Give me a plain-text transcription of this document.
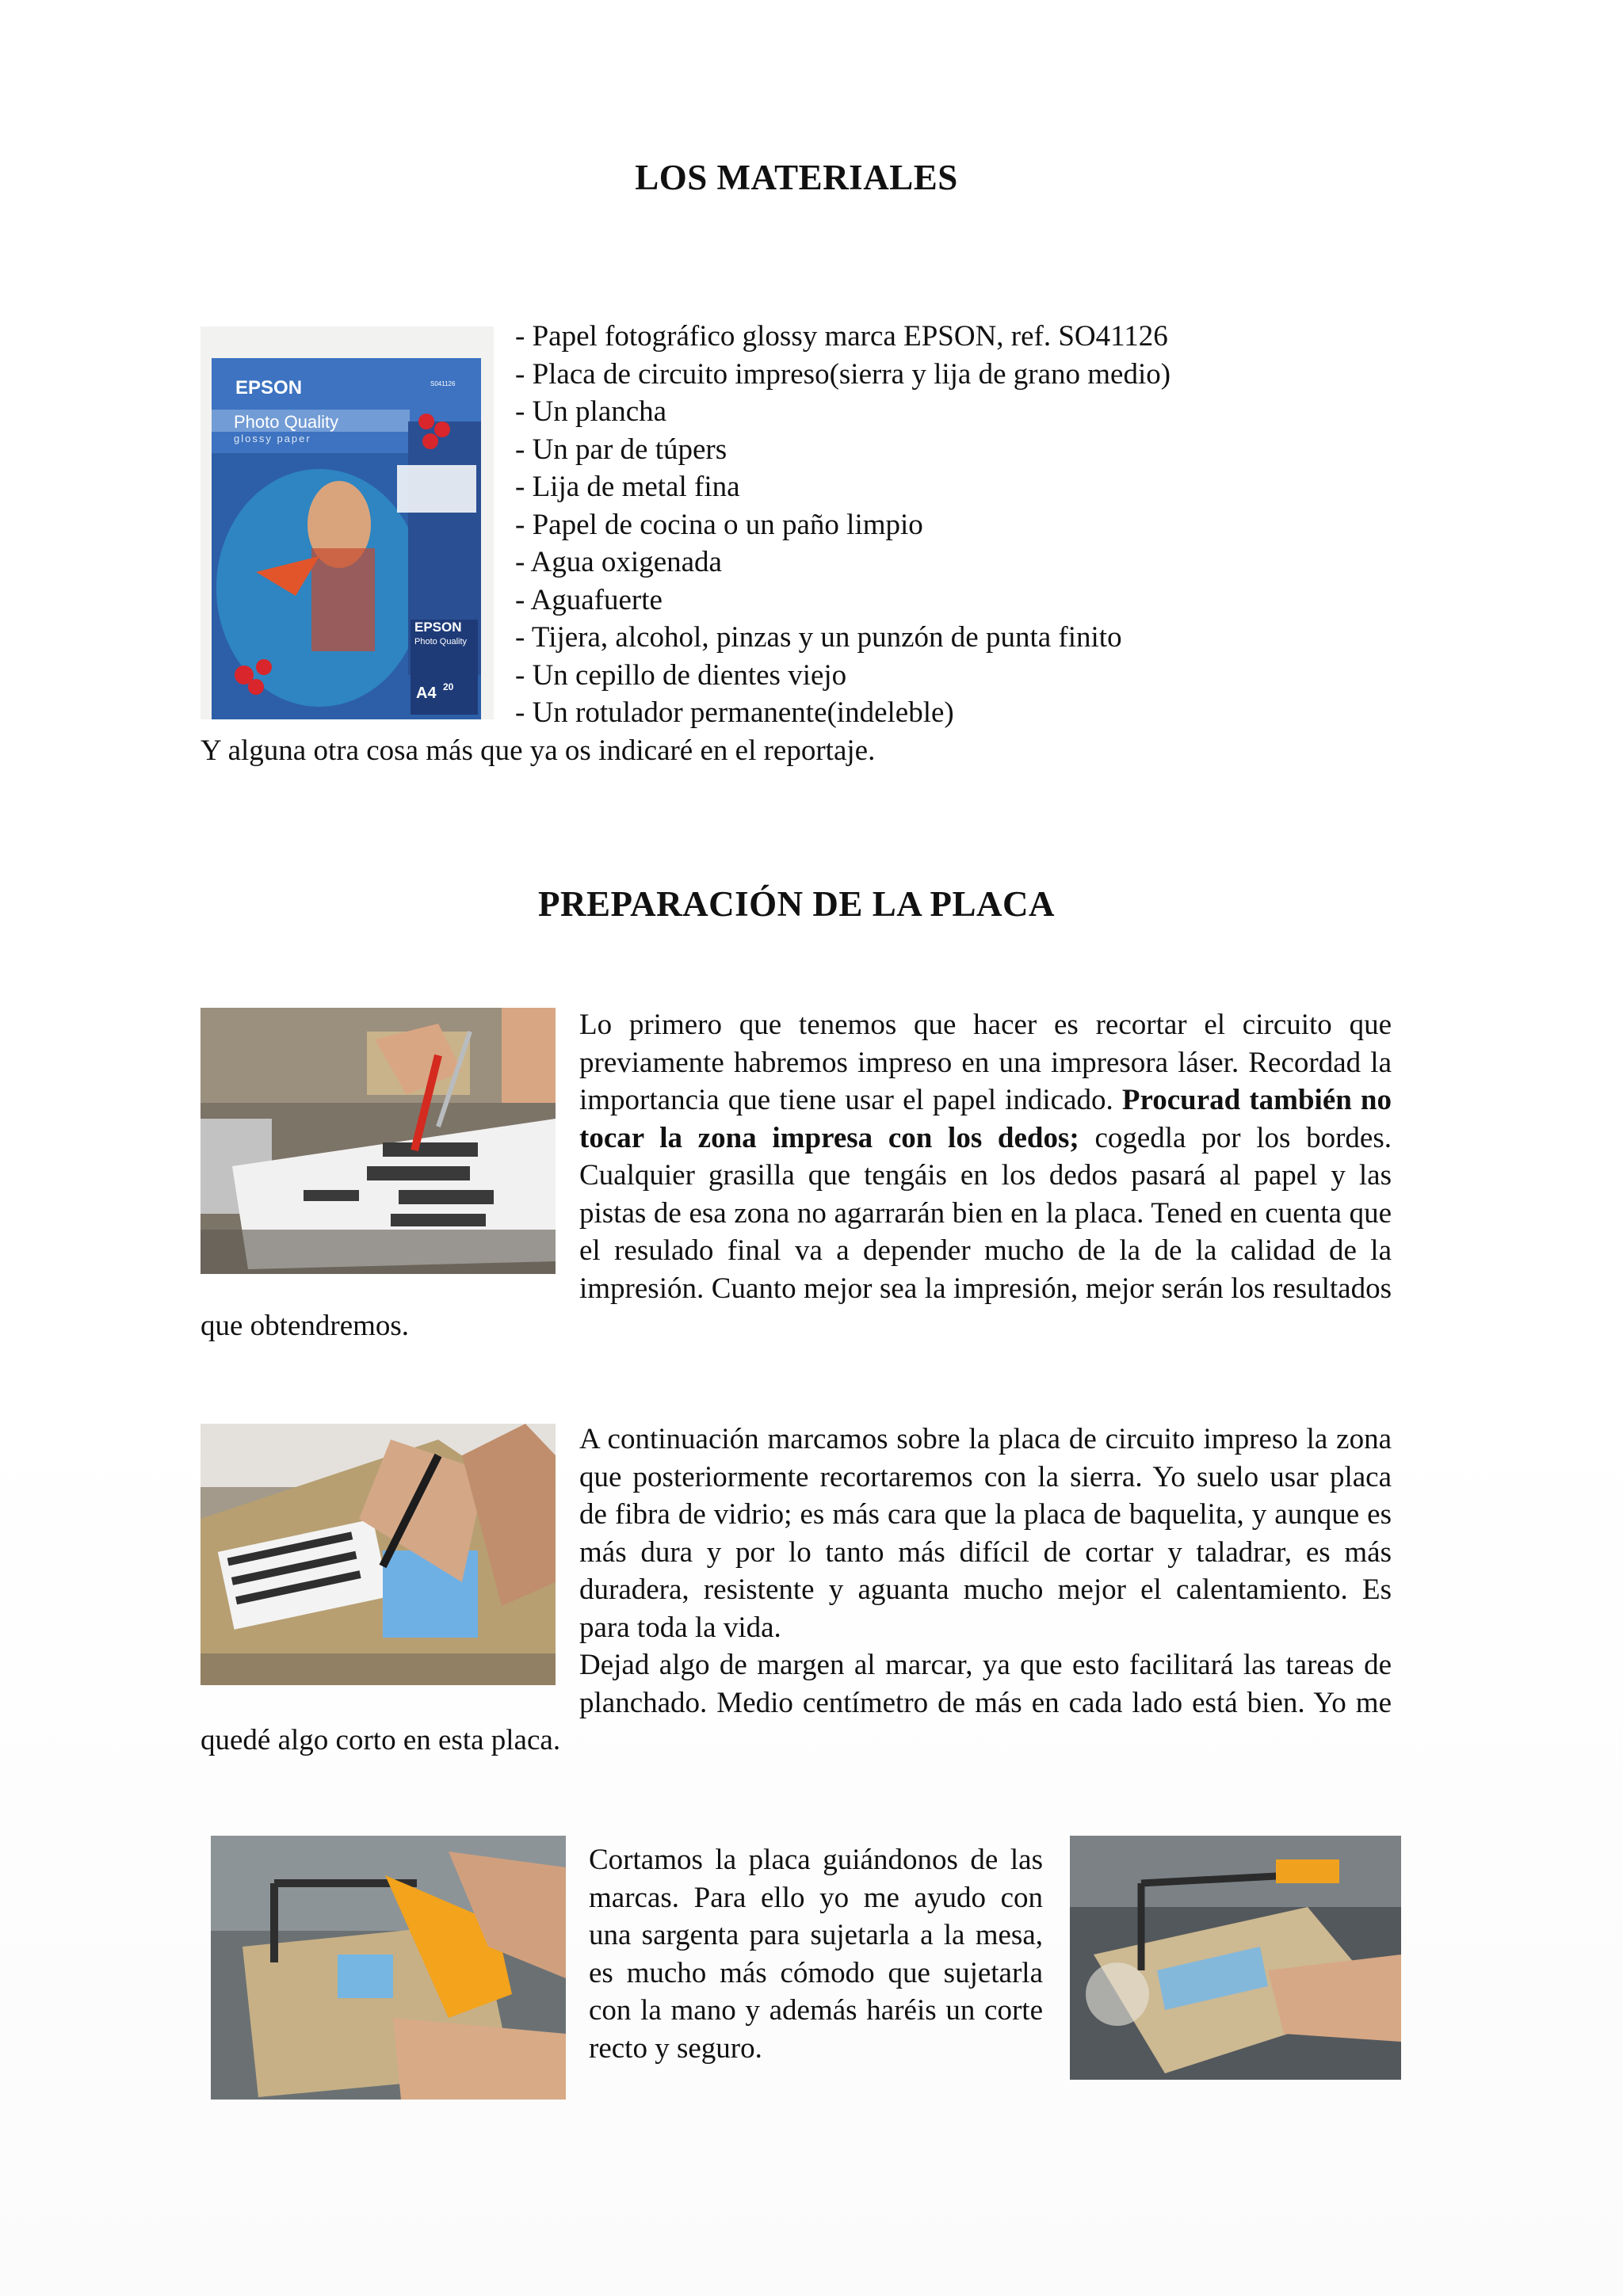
LOS MATERIALES
EPSON
Photo Quality
glossy paper
S041126
EPSON
Photo Quality
A4 20
- Papel fotográfico glossy marca EPSON, ref. SO41126
- Placa de circuito impreso(sierra y lija de grano medio)
- Un plancha
- Un par de túpers
- Lija de metal fina
- Papel de cocina o un paño limpio
- Agua oxigenada
- Aguafuerte
- Tijera, alcohol, pinzas y un punzón de punta finito
- Un cepillo de dientes viejo
- Un rotulador permanente(indeleble)
Y alguna otra cosa más que ya os indicaré en el reportaje.
PREPARACIÓN DE LA PLACA
Lo primero que tenemos que hacer es recortar el circuito que previamente habremos impreso en una impresora láser. Recordad la importancia que tiene usar el papel indicado. Procurad también no tocar la zona impresa con los dedos; cogedla por los bordes. Cualquier grasilla que tengáis en los dedos pasará al papel y las pistas de esa zona no agarrarán bien en la placa. Tened en cuenta que el resulado final va a depender mucho de la de la calidad de la impresión. Cuanto mejor sea la impresión, mejor serán los resultados que obtendremos.
A continuación marcamos sobre la placa de circuito impreso la zona que posteriormente recortaremos con la sierra. Yo suelo usar placa de fibra de vidrio; es más cara que la placa de baquelita, y aunque es más dura y por lo tanto más difícil de cortar y taladrar, es más duradera, resistente y aguanta mucho mejor el calentamiento. Es para toda la vida.
Dejad algo de margen al marcar, ya que esto facilitará las tareas de planchado. Medio centímetro de más en cada lado está bien. Yo me quedé algo corto en esta placa.
Cortamos la placa guiándonos de las marcas. Para ello yo me ayudo con una sargenta para sujetarla a la mesa, es mucho más cómodo que sujetarla con la mano y además haréis un corte recto y seguro.
